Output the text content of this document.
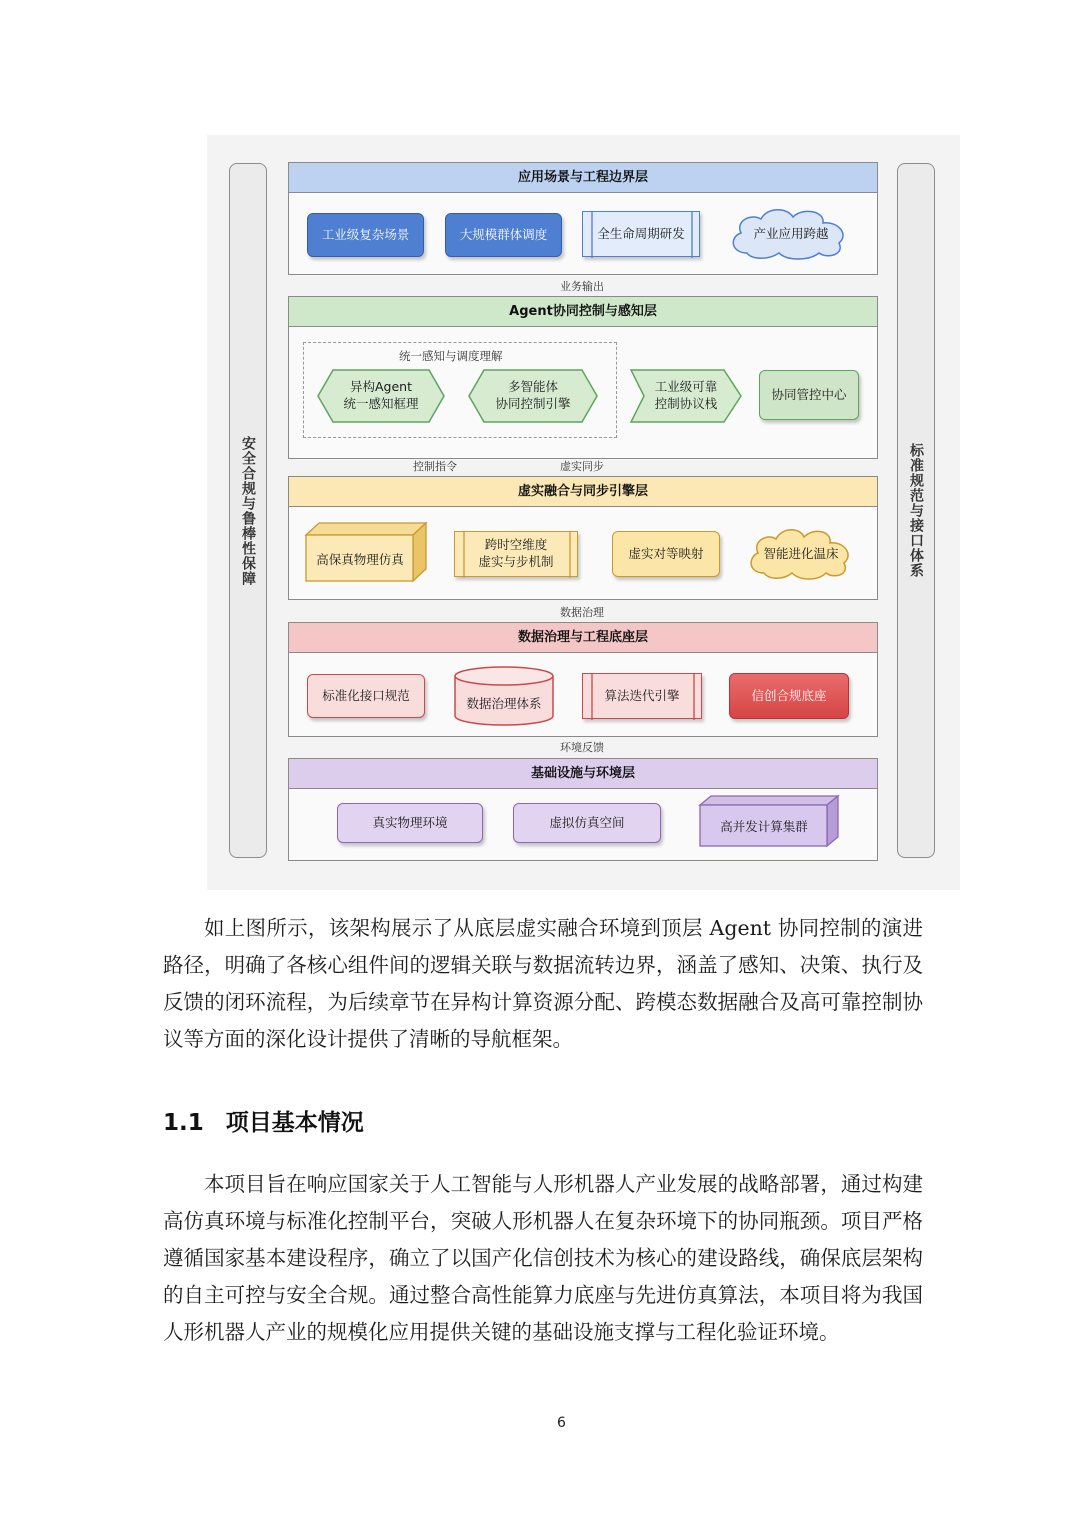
安全合规与鲁棒性保障	标准规范与接口体系
应用场景与工程边界层
工业级复杂场景	大规模群体调度	全生命周期研发	产业应用跨越
业务输出
Agent协同控制与感知层
统一感知与调度理解
异构Agent
统一感知框理
多智能体
协同控制引擎
工业级可靠
控制协议栈
协同管控中心
控制指令	虚实同步
虚实融合与同步引擎层
高保真物理仿真
跨时空维度
虚实与步机制
虚实对等映射	智能进化温床
数据治理
数据治理与工程底座层
标准化接口规范
数据治理体系
算法迭代引擎	信创合规底座
环境反馈
基础设施与环境层
真实物理环境	虚拟仿真空间	高并发计算集群

如上图所示，该架构展示了从底层虚实融合环境到顶层 Agent 协同控制的演进路径，明确了各核心组件间的逻辑关联与数据流转边界，涵盖了感知、决策、执行及反馈的闭环流程，为后续章节在异构计算资源分配、跨模态数据融合及高可靠控制协议等方面的深化设计提供了清晰的导航框架。

1.1 项目基本情况

本项目旨在响应国家关于人工智能与人形机器人产业发展的战略部署，通过构建高仿真环境与标准化控制平台，突破人形机器人在复杂环境下的协同瓶颈。项目严格遵循国家基本建设程序，确立了以国产化信创技术为核心的建设路线，确保底层架构的自主可控与安全合规。通过整合高性能算力底座与先进仿真算法，本项目将为我国人形机器人产业的规模化应用提供关键的基础设施支撑与工程化验证环境。

6
